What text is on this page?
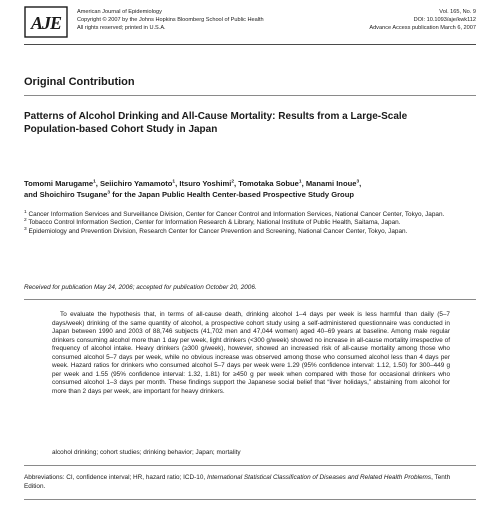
AJE
American Journal of Epidemiology
Copyright © 2007 by the Johns Hopkins Bloomberg School of Public Health
All rights reserved; printed in U.S.A.
Vol. 165, No. 9
DOI: 10.1093/aje/kwk112
Advance Access publication March 6, 2007
Original Contribution
Patterns of Alcohol Drinking and All-Cause Mortality: Results from a Large-Scale Population-based Cohort Study in Japan
Tomomi Marugame$^1$, Seiichiro Yamamoto$^1$, Itsuro Yoshimi$^2$, Tomotaka Sobue$^1$, Manami Inoue$^3$,
and Shoichiro Tsugane$^3$ for the Japan Public Health Center-based Prospective Study Group

$^1$ Cancer Information Services and Surveillance Division, Center for Cancer Control and Information Services, National Cancer Center, Tokyo, Japan.

$^2$ Tobacco Control Information Section, Center for Information Research & Library, National Institute of Public Health, Saitama, Japan.

$^3$ Epidemiology and Prevention Division, Research Center for Cancer Prevention and Screening, National Cancer Center, Tokyo, Japan.

Received for publication May 24, 2006; accepted for publication October 20, 2006.

To evaluate the hypothesis that, in terms of all-cause death, drinking alcohol 1–4 days per week is less harmful than daily (5–7 days/week) drinking of the same quantity of alcohol, a prospective cohort study using a self-administered questionnaire was conducted in Japan between 1990 and 2003 of 88,746 subjects (41,702 men and 47,044 women) aged 40–69 years at baseline. Among male regular drinkers consuming alcohol more than 1 day per week, light drinkers (<300 g/week) showed no increase in all-cause mortality irrespective of frequency of alcohol intake. Heavy drinkers (≥300 g/week), however, showed an increased risk of all-cause mortality among those who consumed alcohol 5–7 days per week, while no obvious increase was observed among those who consumed alcohol less than 4 days per week. Hazard ratios for drinkers who consumed alcohol 5–7 days per week were 1.29 (95% confidence interval: 1.12, 1.50) for 300–449 g per week and 1.55 (95% confidence interval: 1.32, 1.81) for ≥450 g per week when compared with those for occasional drinkers who consumed alcohol 1–3 days per month. These findings support the Japanese social belief that “liver holidays,” abstaining from alcohol for more than 2 days per week, are important for heavy drinkers.

alcohol drinking; cohort studies; drinking behavior; Japan; mortality
Abbreviations: CI, confidence interval; HR, hazard ratio; ICD-10, International Statistical Classification of Diseases and Related Health Problems, Tenth Edition.
